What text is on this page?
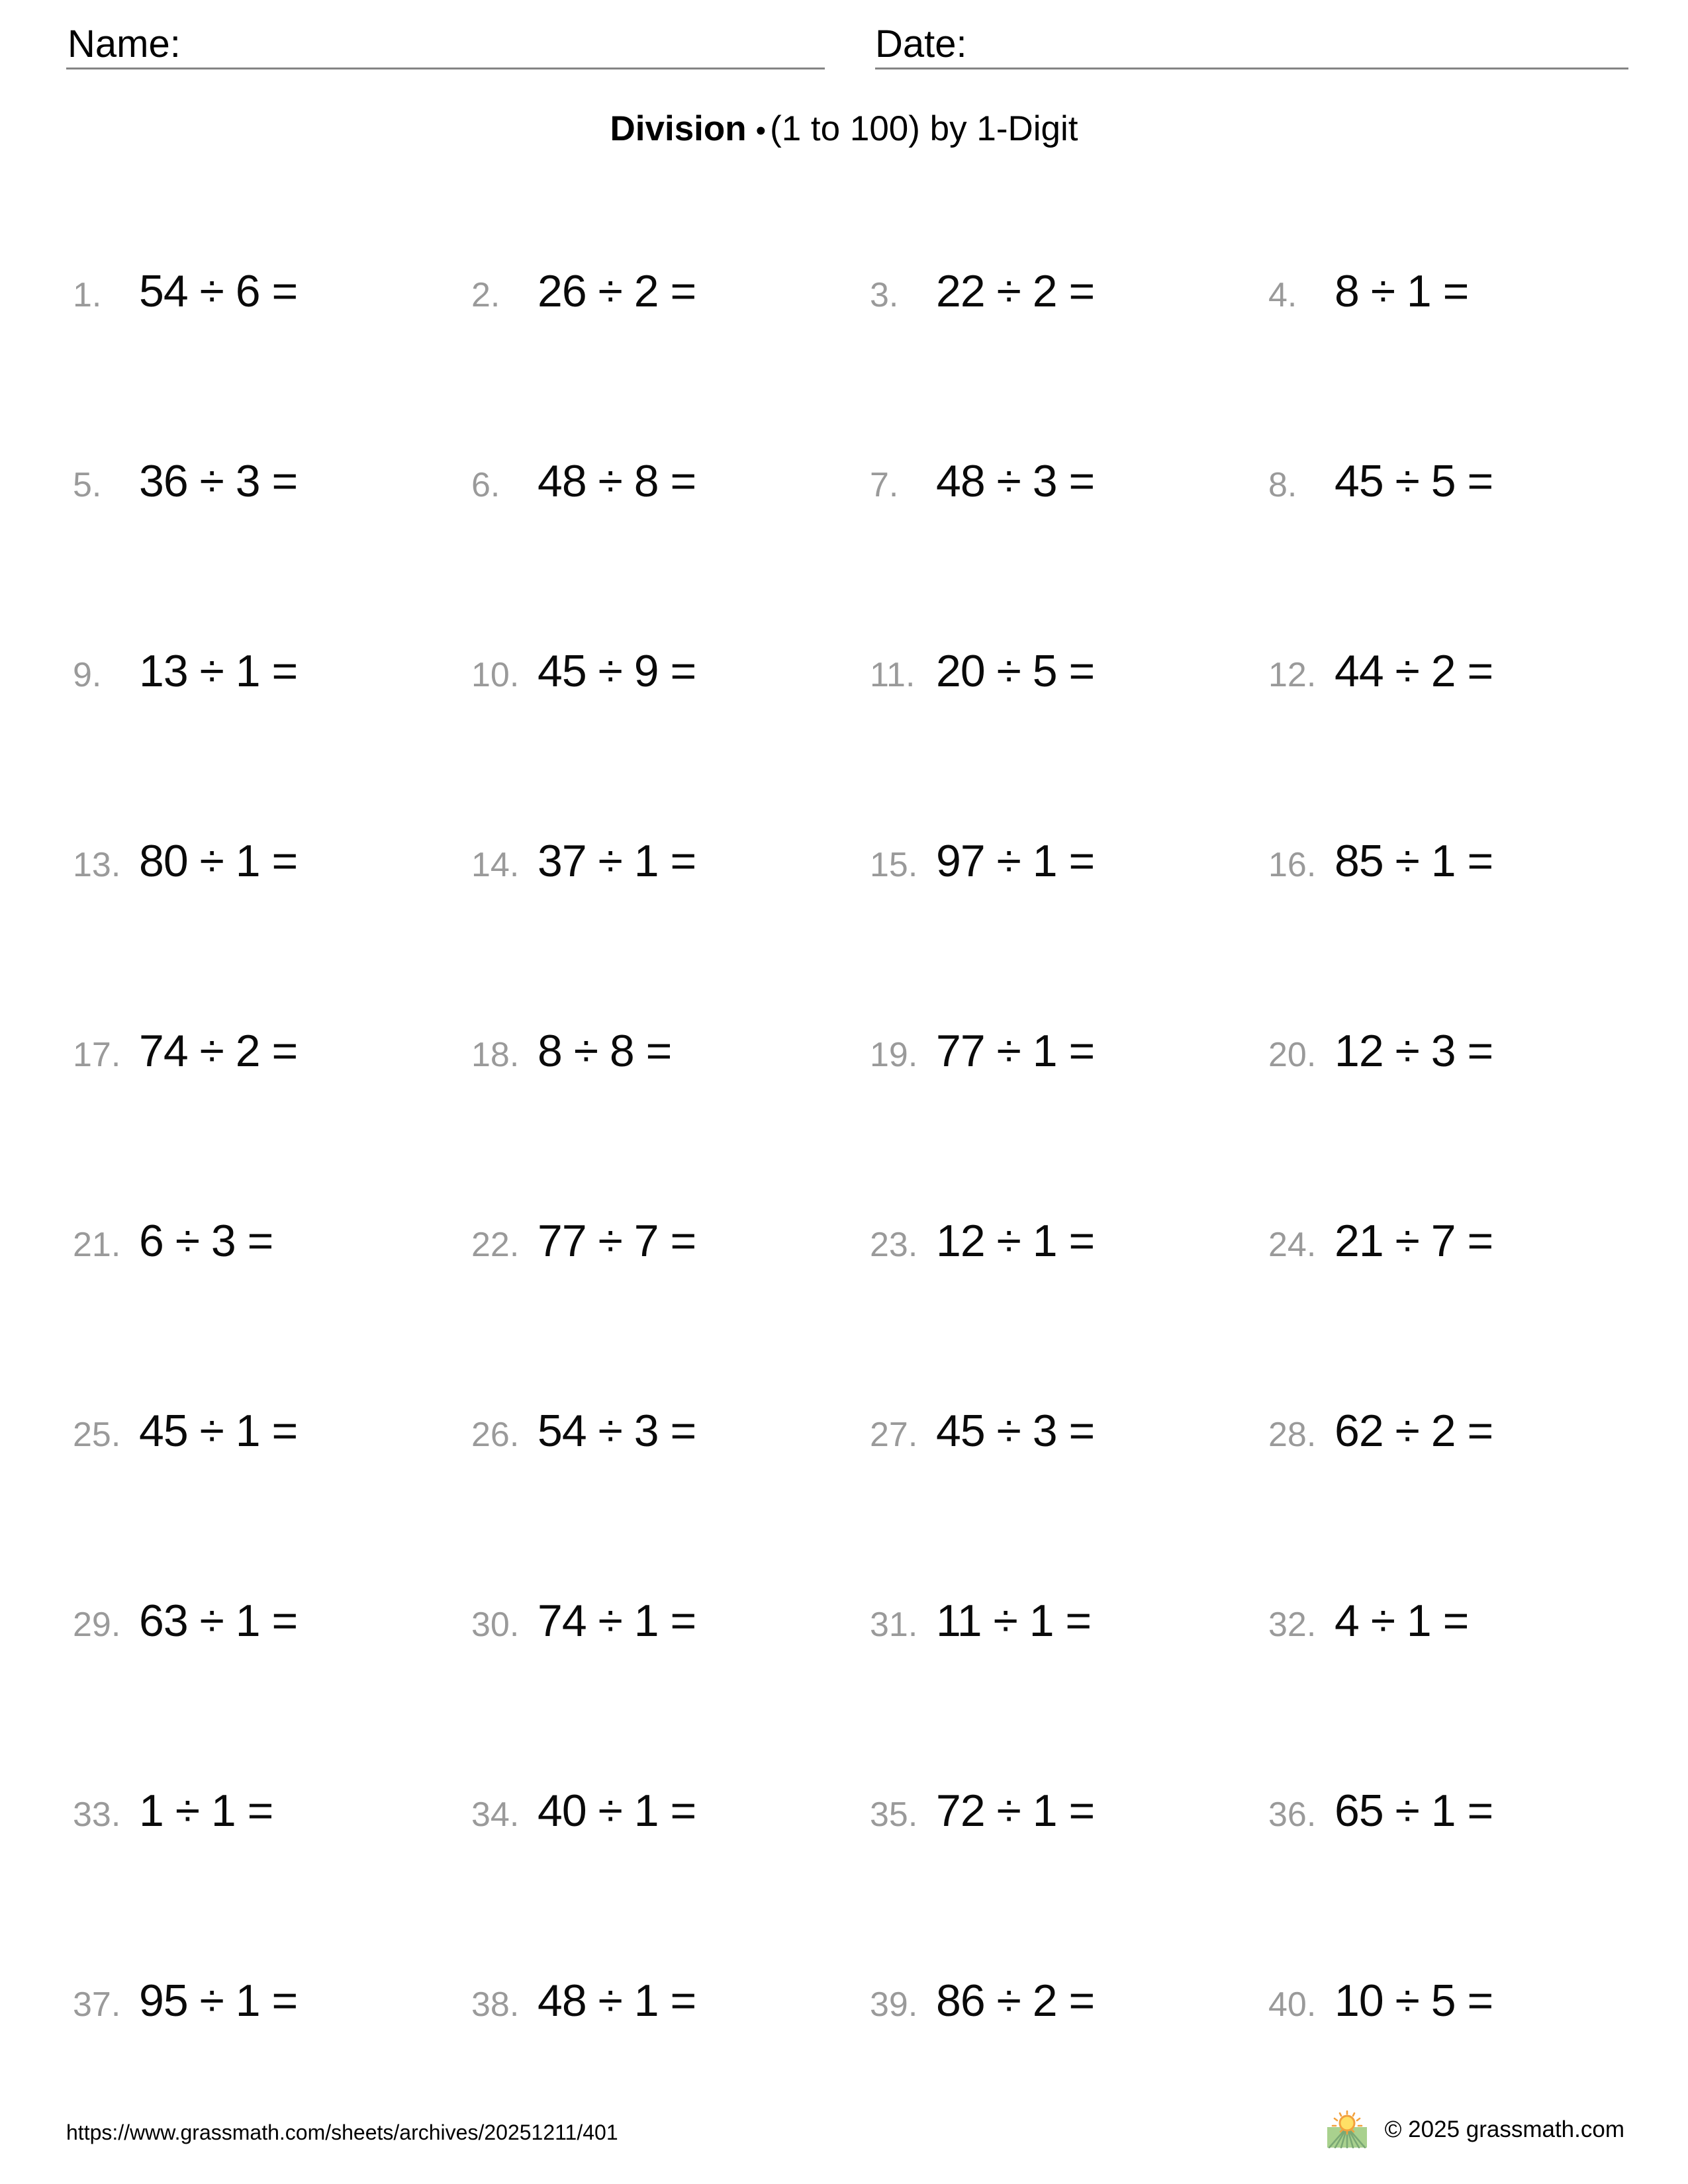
Name:	Date:
Division • (1 to 100) by 1-Digit
1. 54 ÷ 6 =	2. 26 ÷ 2 =	3. 22 ÷ 2 =	4. 8 ÷ 1 =
5. 36 ÷ 3 =	6. 48 ÷ 8 =	7. 48 ÷ 3 =	8. 45 ÷ 5 =
9. 13 ÷ 1 =	10. 45 ÷ 9 =	11. 20 ÷ 5 =	12. 44 ÷ 2 =
13. 80 ÷ 1 =	14. 37 ÷ 1 =	15. 97 ÷ 1 =	16. 85 ÷ 1 =
17. 74 ÷ 2 =	18. 8 ÷ 8 =	19. 77 ÷ 1 =	20. 12 ÷ 3 =
21. 6 ÷ 3 =	22. 77 ÷ 7 =	23. 12 ÷ 1 =	24. 21 ÷ 7 =
25. 45 ÷ 1 =	26. 54 ÷ 3 =	27. 45 ÷ 3 =	28. 62 ÷ 2 =
29. 63 ÷ 1 =	30. 74 ÷ 1 =	31. 11 ÷ 1 =	32. 4 ÷ 1 =
33. 1 ÷ 1 =	34. 40 ÷ 1 =	35. 72 ÷ 1 =	36. 65 ÷ 1 =
37. 95 ÷ 1 =	38. 48 ÷ 1 =	39. 86 ÷ 2 =	40. 10 ÷ 5 =
https://www.grassmath.com/sheets/archives/20251211/401	© 2025 grassmath.com
